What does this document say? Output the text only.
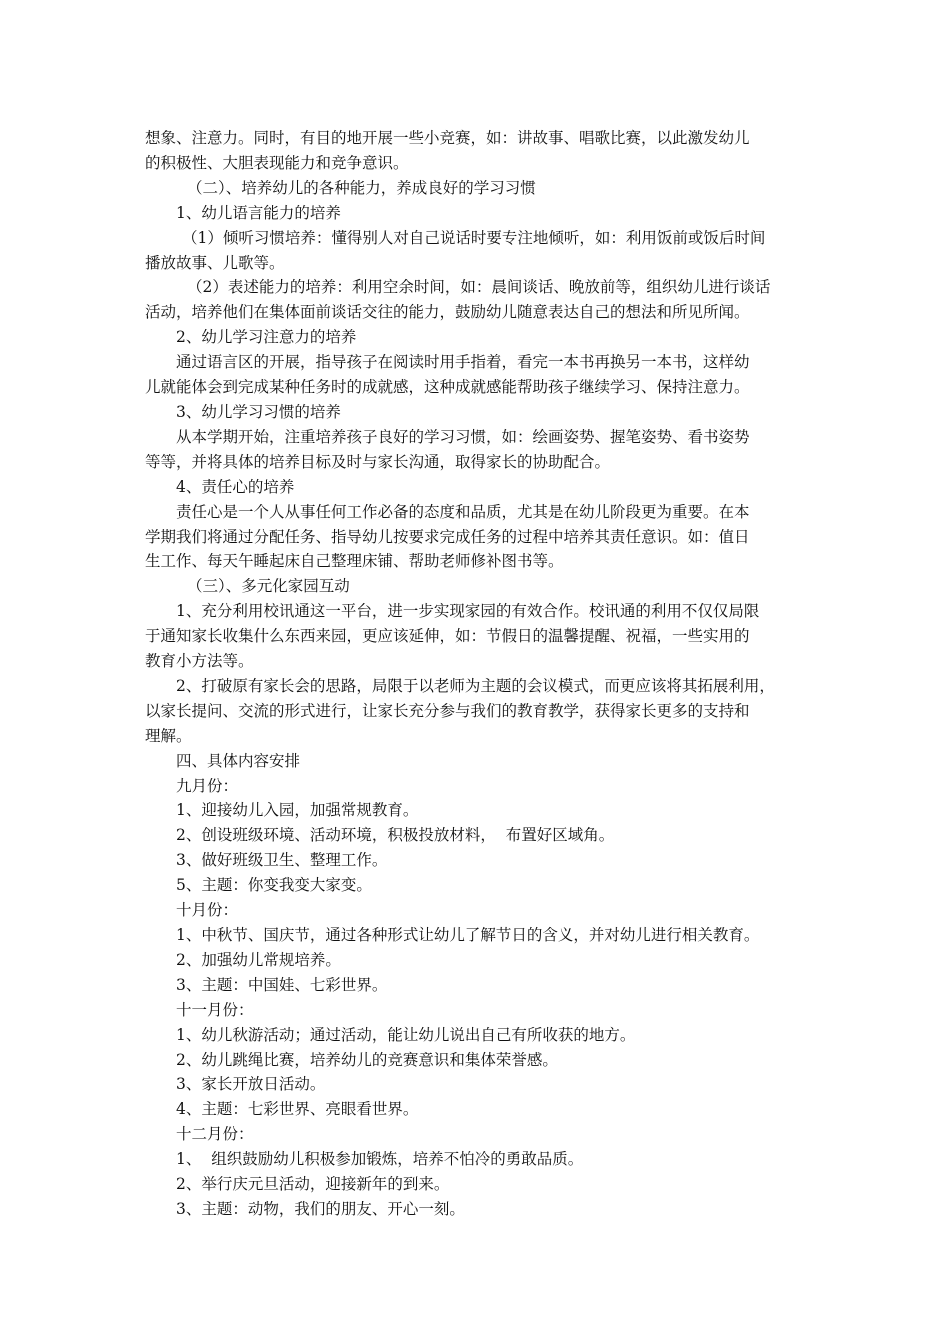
想象、注意力。同时，有目的地开展一些小竞赛，如：讲故事、唱歌比赛，以此激发幼儿
的积极性、大胆表现能力和竞争意识。
（二）、培养幼儿的各种能力，养成良好的学习习惯
1、幼儿语言能力的培养
（1）倾听习惯培养：懂得别人对自己说话时要专注地倾听，如：利用饭前或饭后时间
播放故事、儿歌等。
（2）表述能力的培养：利用空余时间，如：晨间谈话、晚放前等，组织幼儿进行谈话
活动，培养他们在集体面前谈话交往的能力，鼓励幼儿随意表达自己的想法和所见所闻。
2、幼儿学习注意力的培养
通过语言区的开展，指导孩子在阅读时用手指着，看完一本书再换另一本书，这样幼
儿就能体会到完成某种任务时的成就感，这种成就感能帮助孩子继续学习、保持注意力。
3、幼儿学习习惯的培养
从本学期开始，注重培养孩子良好的学习习惯，如：绘画姿势、握笔姿势、看书姿势
等等，并将具体的培养目标及时与家长沟通，取得家长的协助配合。
4、责任心的培养
责任心是一个人从事任何工作必备的态度和品质，尤其是在幼儿阶段更为重要。在本
学期我们将通过分配任务、指导幼儿按要求完成任务的过程中培养其责任意识。如：值日
生工作、每天午睡起床自己整理床铺、帮助老师修补图书等。
（三）、多元化家园互动
1、充分利用校讯通这一平台，进一步实现家园的有效合作。校讯通的利用不仅仅局限
于通知家长收集什么东西来园，更应该延伸，如：节假日的温馨提醒、祝福，一些实用的
教育小方法等。
2、打破原有家长会的思路，局限于以老师为主题的会议模式，而更应该将其拓展利用，
以家长提问、交流的形式进行，让家长充分参与我们的教育教学，获得家长更多的支持和
理解。
四、具体内容安排
九月份：
1、迎接幼儿入园，加强常规教育。
2、创设班级环境、活动环境，积极投放材料，  布置好区域角。
3、做好班级卫生、整理工作。
5、主题：你变我变大家变。
十月份：
1、中秋节、国庆节，通过各种形式让幼儿了解节日的含义，并对幼儿进行相关教育。
2、加强幼儿常规培养。
3、主题：中国娃、七彩世界。
十一月份：
1、幼儿秋游活动；通过活动，能让幼儿说出自己有所收获的地方。
2、幼儿跳绳比赛，培养幼儿的竞赛意识和集体荣誉感。
3、家长开放日活动。
4、主题：七彩世界、亮眼看世界。
十二月份：
1、  组织鼓励幼儿积极参加锻炼，培养不怕冷的勇敢品质。
2、举行庆元旦活动，迎接新年的到来。
3、主题：动物，我们的朋友、开心一刻。
